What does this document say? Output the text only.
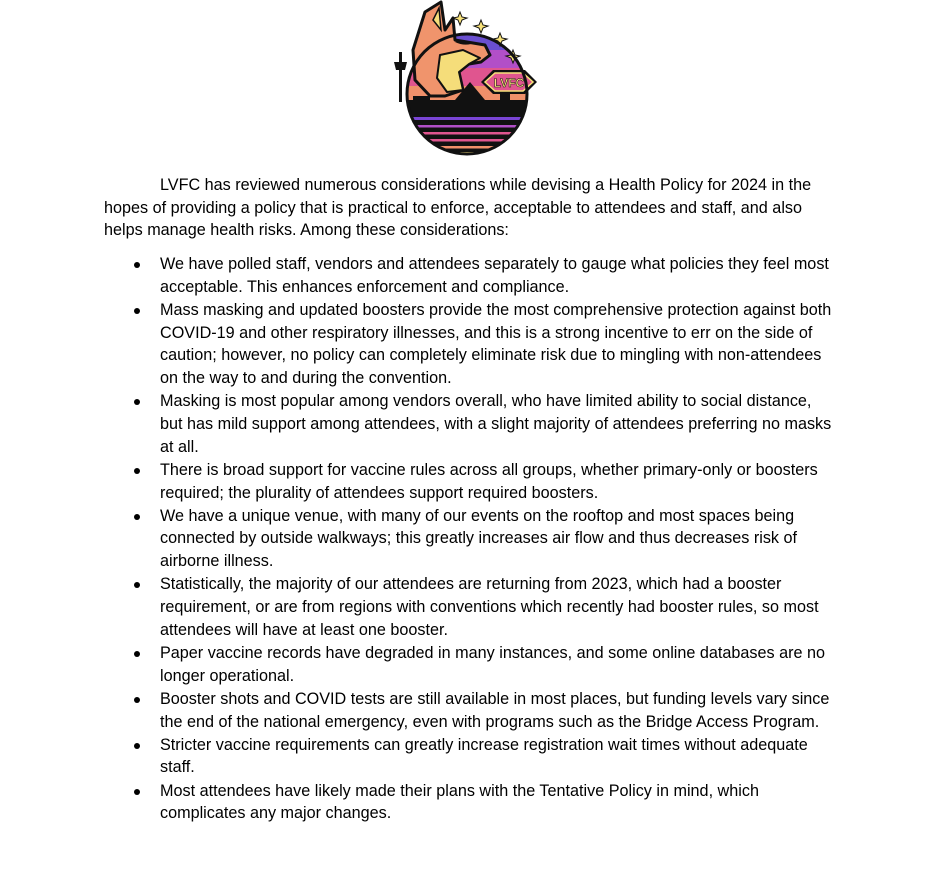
LVFC

LVFC has reviewed numerous considerations while devising a Health Policy for 2024 in the hopes of providing a policy that is practical to enforce, acceptable to attendees and staff, and also helps manage health risks. Among these considerations:

We have polled staff, vendors and attendees separately to gauge what policies they feel most acceptable. This enhances enforcement and compliance.
Mass masking and updated boosters provide the most comprehensive protection against both COVID-19 and other respiratory illnesses, and this is a strong incentive to err on the side of caution; however, no policy can completely eliminate risk due to mingling with non-attendees on the way to and during the convention.
Masking is most popular among vendors overall, who have limited ability to social distance, but has mild support among attendees, with a slight majority of attendees preferring no masks at all.
There is broad support for vaccine rules across all groups, whether primary-only or boosters required; the plurality of attendees support required boosters.
We have a unique venue, with many of our events on the rooftop and most spaces being connected by outside walkways; this greatly increases air flow and thus decreases risk of airborne illness.
Statistically, the majority of our attendees are returning from 2023, which had a booster requirement, or are from regions with conventions which recently had booster rules, so most attendees will have at least one booster.
Paper vaccine records have degraded in many instances, and some online databases are no longer operational.
Booster shots and COVID tests are still available in most places, but funding levels vary since the end of the national emergency, even with programs such as the Bridge Access Program.
Stricter vaccine requirements can greatly increase registration wait times without adequate staff.
Most attendees have likely made their plans with the Tentative Policy in mind, which complicates any major changes.
